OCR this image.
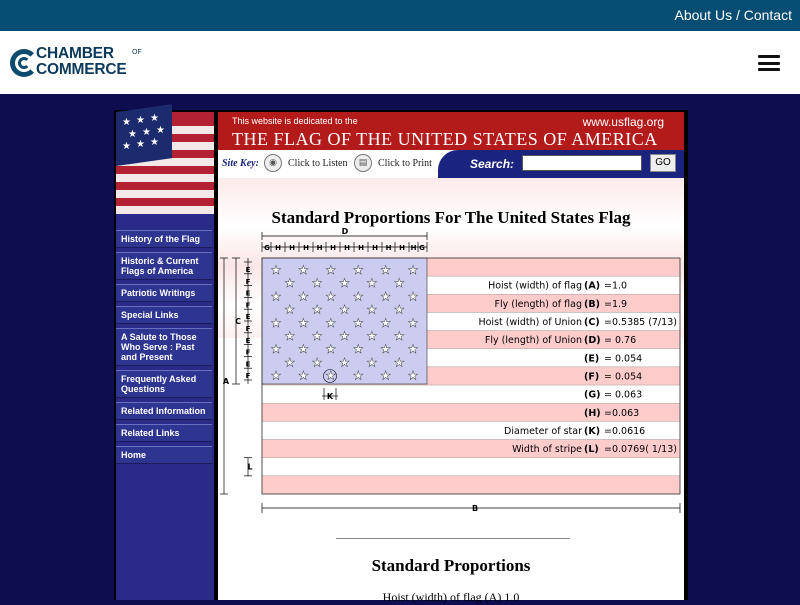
About Us / Contact
CHAMBER	OF
COMMERCE
★ ★ ★
★ ★ ★
★ ★ ★
History of the Flag
Historic & Current Flags of America
Patriotic Writings
Special Links
A Salute to Those Who Serve : Past and Present
Frequently Asked Questions
Related Information
Related Links
Home
This website is dedicated to the	www.usflag.org
THE FLAG OF THE UNITED STATES OF AMERICA
Site Key:	◉	Click to Listen	▤	Click to Print	Search:	GO
Standard Proportions For The United States Flag
★ ★ ★ ★ ★ ★
★ ★ ★ ★ ★
★ ★ ★ ★ ★ ★
★ ★ ★ ★ ★
★ ★ ★ ★ ★ ★
★ ★ ★ ★ ★
★ ★ ★ ★ ★ ★
★ ★ ★ ★ ★
★ ★ ★ ★ ★ ★
Hoist (width) of flag (A) =1.0
Fly (length) of flag (B) =1.9
Hoist (width) of Union (C) =0.5385 (7/13)
Fly (length) of Union (D) = 0.76
(E) = 0.054
(F) = 0.054
(G) = 0.063
(H) =0.063
Diameter of star (K) =0.0616
Width of stripe (L) =0.0769( 1/13)
D
G	G
H H H H H H H H H H H
E
F
E
F
E
F
E
F
E
F
C
A
L
K
B
Standard Proportions
Hoist (width) of flag (A) 1.0
